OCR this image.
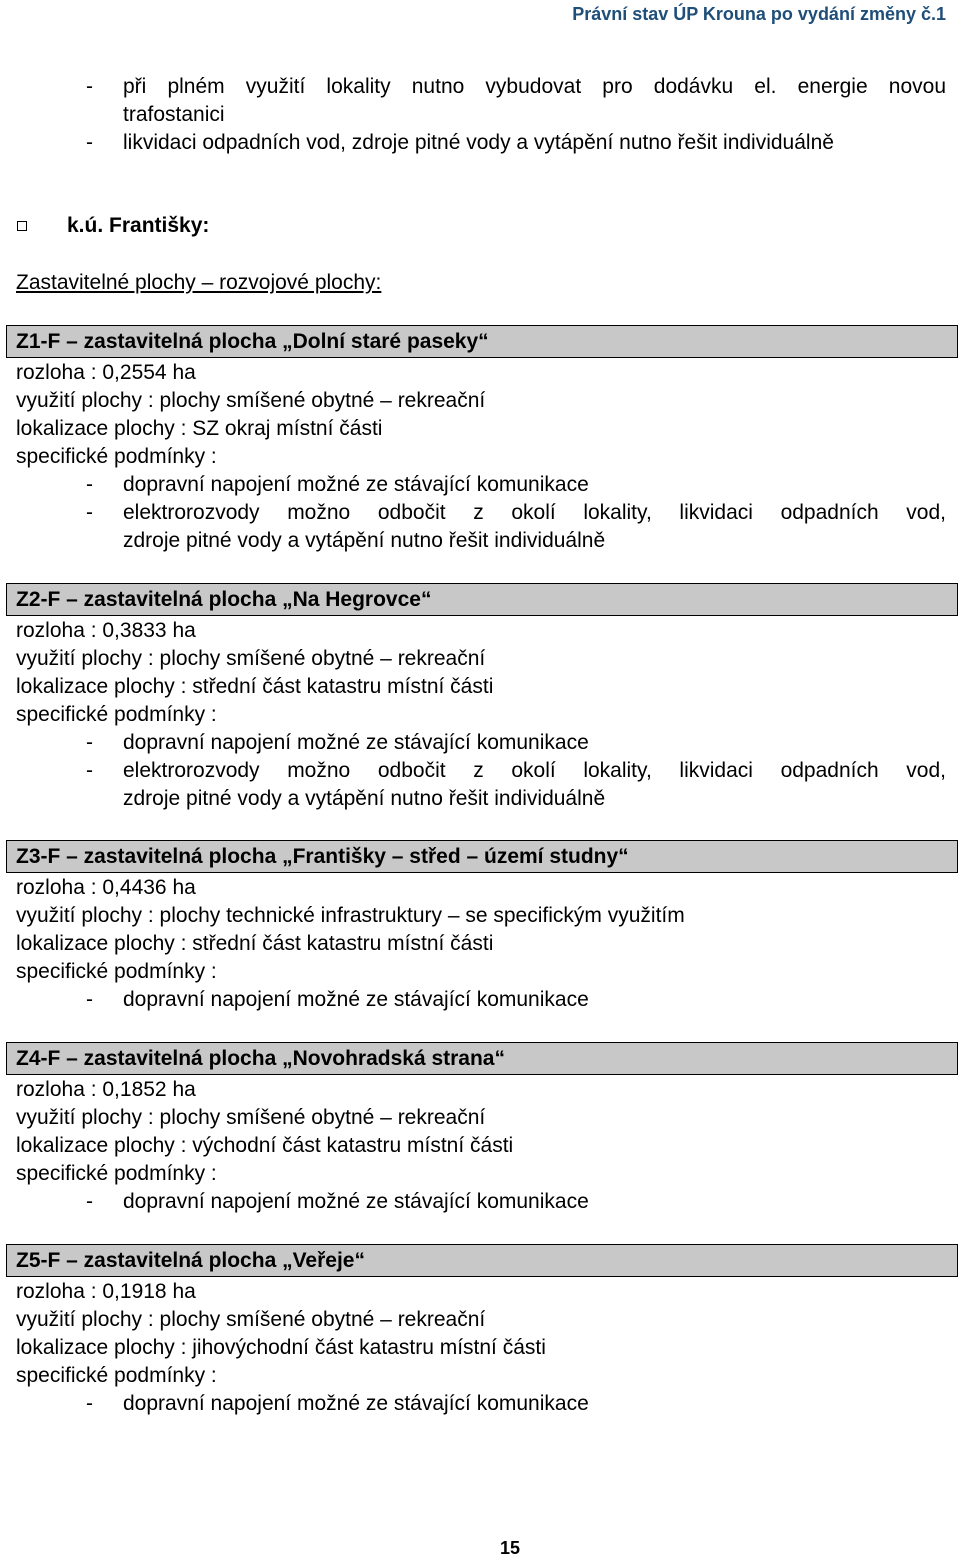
Právní stav ÚP Krouna po vydání změny č.1
- při plném využití lokality nutno vybudovat pro dodávku el. energie novou
trafostanici
- likvidaci odpadních vod, zdroje pitné vody a vytápění nutno řešit individuálně
k.ú. Františky:
Zastavitelné plochy – rozvojové plochy:
Z1-F – zastavitelná plocha „Dolní staré paseky“
rozloha : 0,2554 ha
využití plochy : plochy smíšené obytné – rekreační
lokalizace plochy : SZ okraj místní části
specifické podmínky :
- dopravní napojení možné ze stávající komunikace
- elektrorozvody možno odbočit z okolí lokality, likvidaci odpadních vod,
zdroje pitné vody a vytápění nutno řešit individuálně
Z2-F – zastavitelná plocha „Na Hegrovce“
rozloha : 0,3833 ha
využití plochy : plochy smíšené obytné – rekreační
lokalizace plochy : střední část katastru místní části
specifické podmínky :
- dopravní napojení možné ze stávající komunikace
- elektrorozvody možno odbočit z okolí lokality, likvidaci odpadních vod,
zdroje pitné vody a vytápění nutno řešit individuálně
Z3-F – zastavitelná plocha „Františky – střed – území studny“
rozloha : 0,4436 ha
využití plochy : plochy technické infrastruktury – se specifickým využitím
lokalizace plochy : střední část katastru místní části
specifické podmínky :
- dopravní napojení možné ze stávající komunikace
Z4-F – zastavitelná plocha „Novohradská strana“
rozloha : 0,1852 ha
využití plochy : plochy smíšené obytné – rekreační
lokalizace plochy : východní část katastru místní části
specifické podmínky :
- dopravní napojení možné ze stávající komunikace
Z5-F – zastavitelná plocha „Veřeje“
rozloha : 0,1918 ha
využití plochy : plochy smíšené obytné – rekreační
lokalizace plochy : jihovýchodní část katastru místní části
specifické podmínky :
- dopravní napojení možné ze stávající komunikace
15
